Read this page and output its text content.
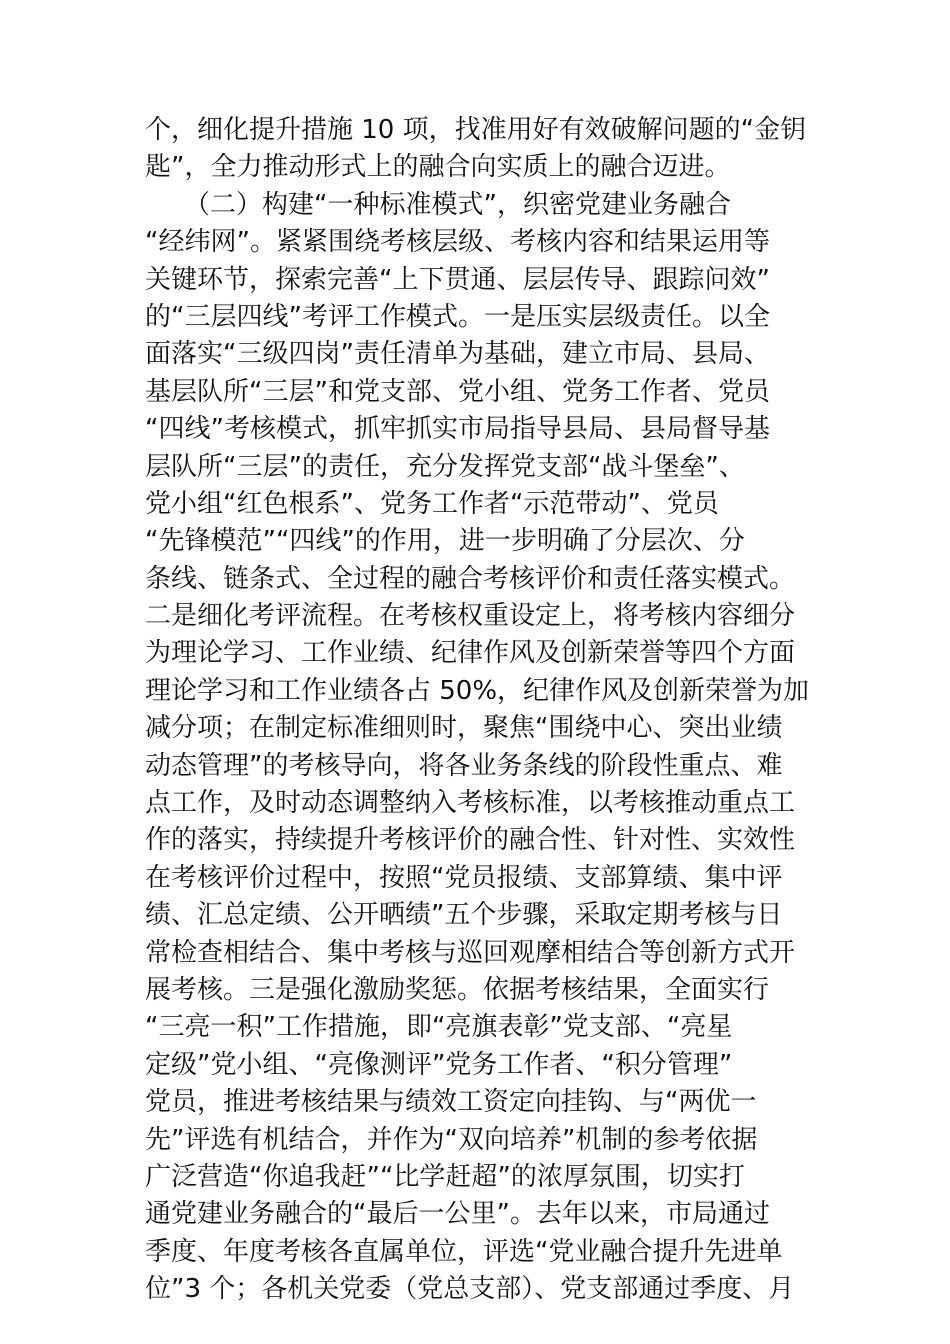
个，细化提升措施 10 项，找准用好有效破解问题的“金钥
匙”，全力推动形式上的融合向实质上的融合迈进。
　　（二）构建“一种标准模式”，织密党建业务融合
“经纬网”。紧紧围绕考核层级、考核内容和结果运用等
关键环节，探索完善“上下贯通、层层传导、跟踪问效”
的“三层四线”考评工作模式。一是压实层级责任。以全
面落实“三级四岗”责任清单为基础，建立市局、县局、
基层队所“三层”和党支部、党小组、党务工作者、党员
“四线”考核模式，抓牢抓实市局指导县局、县局督导基
层队所“三层”的责任，充分发挥党支部“战斗堡垒”、
党小组“红色根系”、党务工作者“示范带动”、党员
“先锋模范”“四线”的作用，进一步明确了分层次、分
条线、链条式、全过程的融合考核评价和责任落实模式。
二是细化考评流程。在考核权重设定上，将考核内容细分
为理论学习、工作业绩、纪律作风及创新荣誉等四个方面
理论学习和工作业绩各占 50%，纪律作风及创新荣誉为加
减分项；在制定标准细则时，聚焦“围绕中心、突出业绩
动态管理”的考核导向，将各业务条线的阶段性重点、难
点工作，及时动态调整纳入考核标准，以考核推动重点工
作的落实，持续提升考核评价的融合性、针对性、实效性
在考核评价过程中，按照“党员报绩、支部算绩、集中评
绩、汇总定绩、公开晒绩”五个步骤，采取定期考核与日
常检查相结合、集中考核与巡回观摩相结合等创新方式开
展考核。三是强化激励奖惩。依据考核结果，全面实行
“三亮一积”工作措施，即“亮旗表彰”党支部、“亮星
定级”党小组、“亮像测评”党务工作者、“积分管理”
党员，推进考核结果与绩效工资定向挂钩、与“两优一
先”评选有机结合，并作为“双向培养”机制的参考依据
广泛营造“你追我赶”“比学赶超”的浓厚氛围，切实打
通党建业务融合的“最后一公里”。去年以来，市局通过
季度、年度考核各直属单位，评选“党业融合提升先进单
位”3 个；各机关党委（党总支部）、党支部通过季度、月
